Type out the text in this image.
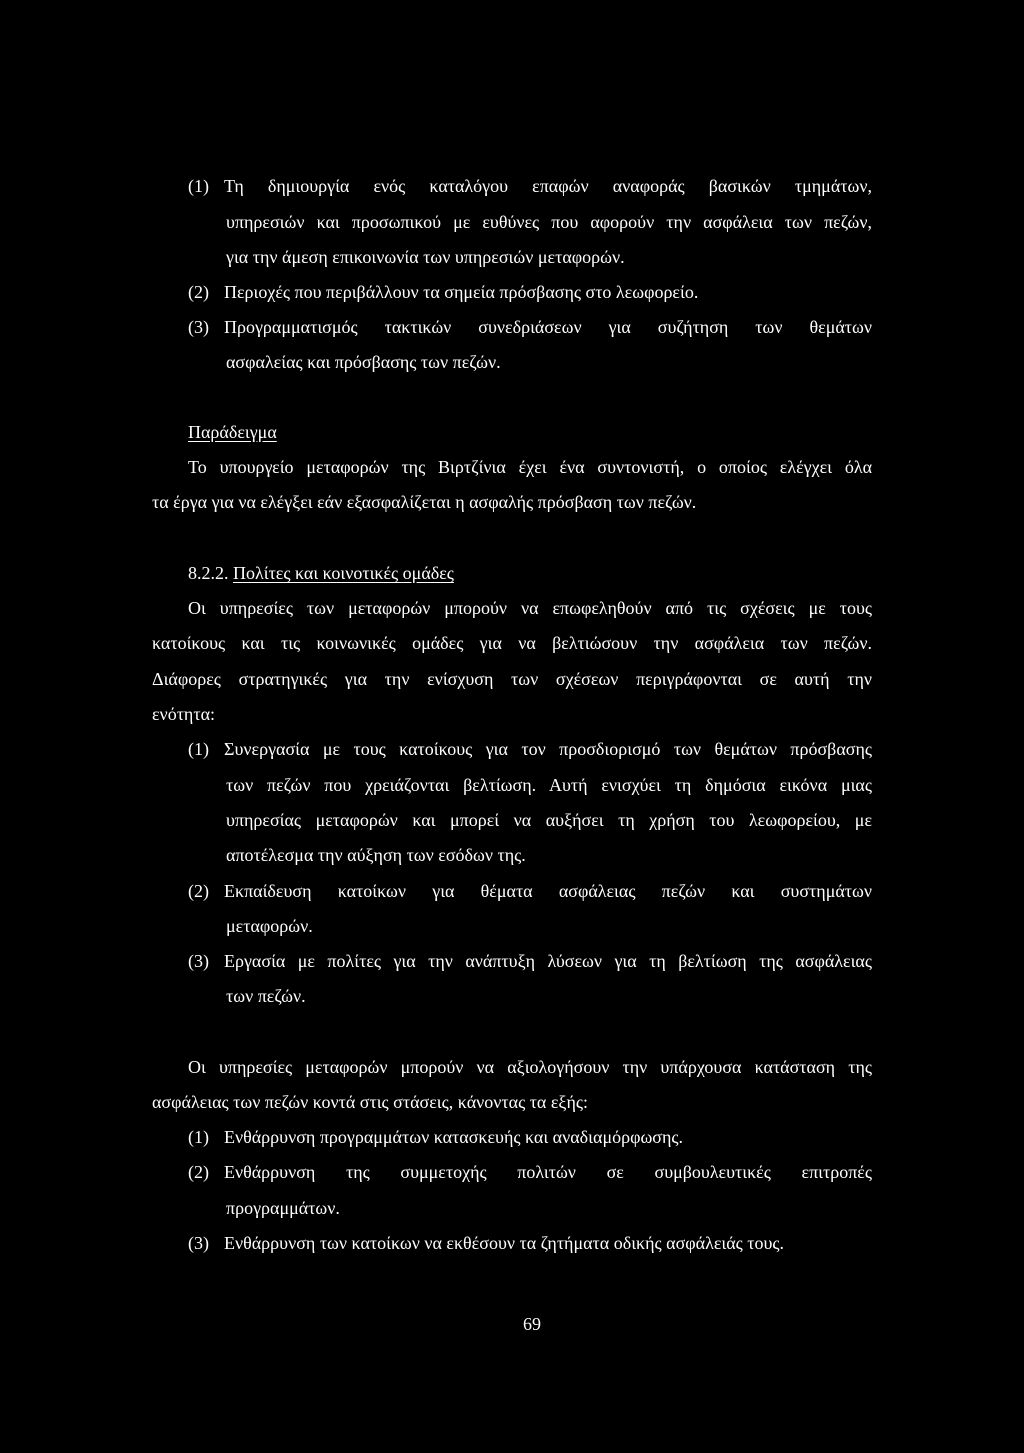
(1) Τη δημιουργία ενός καταλόγου επαφών αναφοράς βασικών τμημάτων,
υπηρεσιών και προσωπικού με ευθύνες που αφορούν την ασφάλεια των πεζών,
για την άμεση επικοινωνία των υπηρεσιών μεταφορών.
(2) Περιοχές που περιβάλλουν τα σημεία πρόσβασης στο λεωφορείο.
(3) Προγραμματισμός τακτικών συνεδριάσεων για συζήτηση των θεμάτων
ασφαλείας και πρόσβασης των πεζών.
Παράδειγμα
Το υπουργείο μεταφορών της Βιρτζίνια έχει ένα συντονιστή, ο οποίος ελέγχει όλα
τα έργα για να ελέγξει εάν εξασφαλίζεται η ασφαλής πρόσβαση των πεζών.
8.2.2. Πολίτες και κοινοτικές ομάδες
Οι υπηρεσίες των μεταφορών μπορούν να επωφεληθούν από τις σχέσεις με τους
κατοίκους και τις κοινωνικές ομάδες για να βελτιώσουν την ασφάλεια των πεζών.
Διάφορες στρατηγικές για την ενίσχυση των σχέσεων περιγράφονται σε αυτή την
ενότητα:
(1) Συνεργασία με τους κατοίκους για τον προσδιορισμό των θεμάτων πρόσβασης
των πεζών που χρειάζονται βελτίωση. Αυτή ενισχύει τη δημόσια εικόνα μιας
υπηρεσίας μεταφορών και μπορεί να αυξήσει τη χρήση του λεωφορείου, με
αποτέλεσμα την αύξηση των εσόδων της.
(2) Εκπαίδευση κατοίκων για θέματα ασφάλειας πεζών και συστημάτων
μεταφορών.
(3) Εργασία με πολίτες για την ανάπτυξη λύσεων για τη βελτίωση της ασφάλειας
των πεζών.
Οι υπηρεσίες μεταφορών μπορούν να αξιολογήσουν την υπάρχουσα κατάσταση της
ασφάλειας των πεζών κοντά στις στάσεις, κάνοντας τα εξής:
(1) Ενθάρρυνση προγραμμάτων κατασκευής και αναδιαμόρφωσης.
(2) Ενθάρρυνση της συμμετοχής πολιτών σε συμβουλευτικές επιτροπές
προγραμμάτων.
(3) Ενθάρρυνση των κατοίκων να εκθέσουν τα ζητήματα οδικής ασφάλειάς τους.
69
